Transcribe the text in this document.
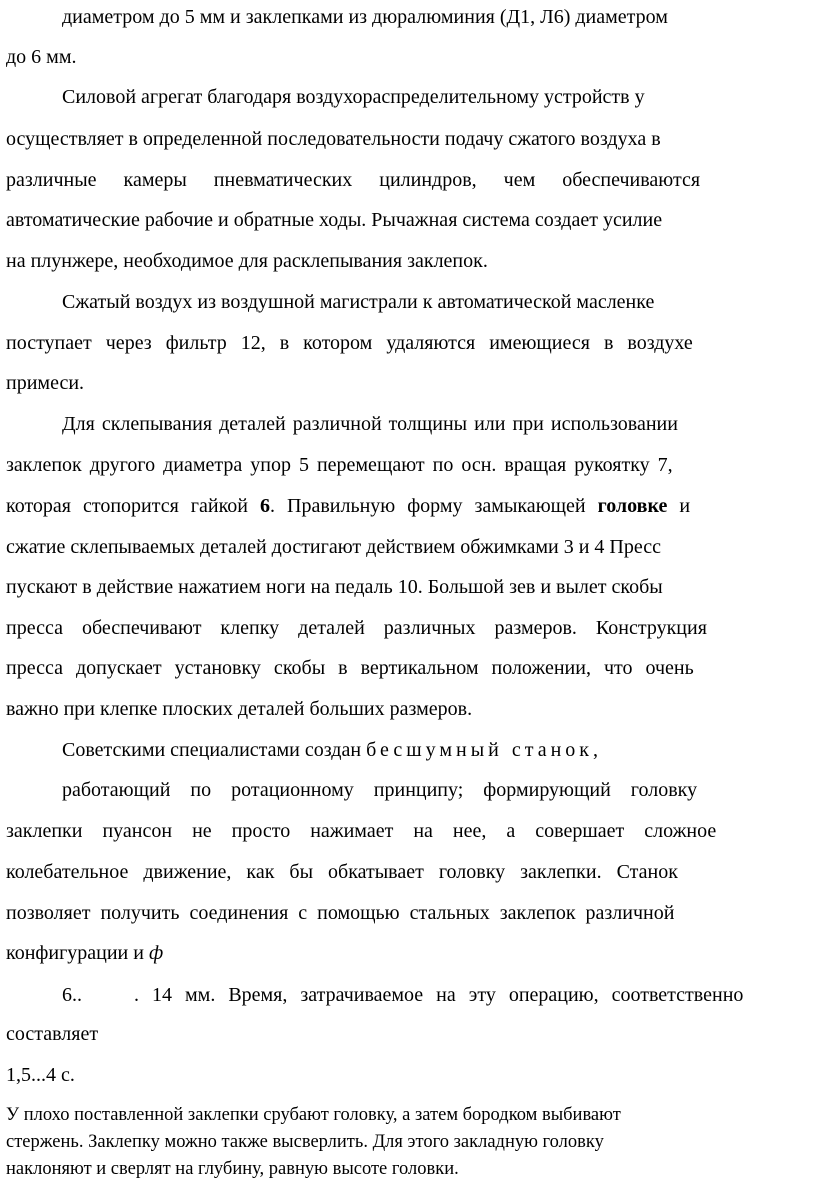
диаметром до 5 мм и заклепками из дюралюминия (Д1, Л6) диаметром
до 6 мм.
Силовой агрегат благодаря воздухораспределительному устройств у
осуществляет в определенной последовательности подачу сжатого воздуха в
различные камеры пневматических цилиндров, чем обеспечиваются
автоматические рабочие и обратные ходы. Рычажная система создает усилие
на плунжере, необходимое для расклепывания заклепок.
Сжатый воздух из воздушной магистрали к автоматической масленке
поступает через фильтр 12, в котором удаляются имеющиеся в воздухе
примеси.
Для склепывания деталей различной толщины или при использовании
заклепок другого диаметра упор 5 перемещают по осн. вращая рукоятку 7,
которая стопорится гайкой 6. Правильную форму замыкающей головке и
сжатие склепываемых деталей достигают действием обжимками 3 и 4 Пресс
пускают в действие нажатием ноги на педаль 10. Большой зев и вылет скобы
пресса обеспечивают клепку деталей различных размеров. Конструкция
пресса допускает установку скобы в вертикальном положении, что очень
важно при клепке плоских деталей больших размеров.
Советскими специалистами создан бесшумный станок,
работающий по ротационному принципу; формирующий головку
заклепки пуансон не просто нажимает на нее, а совершает сложное
колебательное движение, как бы обкатывает головку заклепки. Станок
позволяет получить соединения с помощью стальных заклепок различной
конфигурации и ф
6..	. 14 мм. Время, затрачиваемое на эту операцию, соответственно
составляет
1,5...4 с.
У плохо поставленной заклепки срубают головку, а затем бородком выбивают
стержень. Заклепку можно также высверлить. Для этого закладную головку
наклоняют и сверлят на глубину, равную высоте головки.
